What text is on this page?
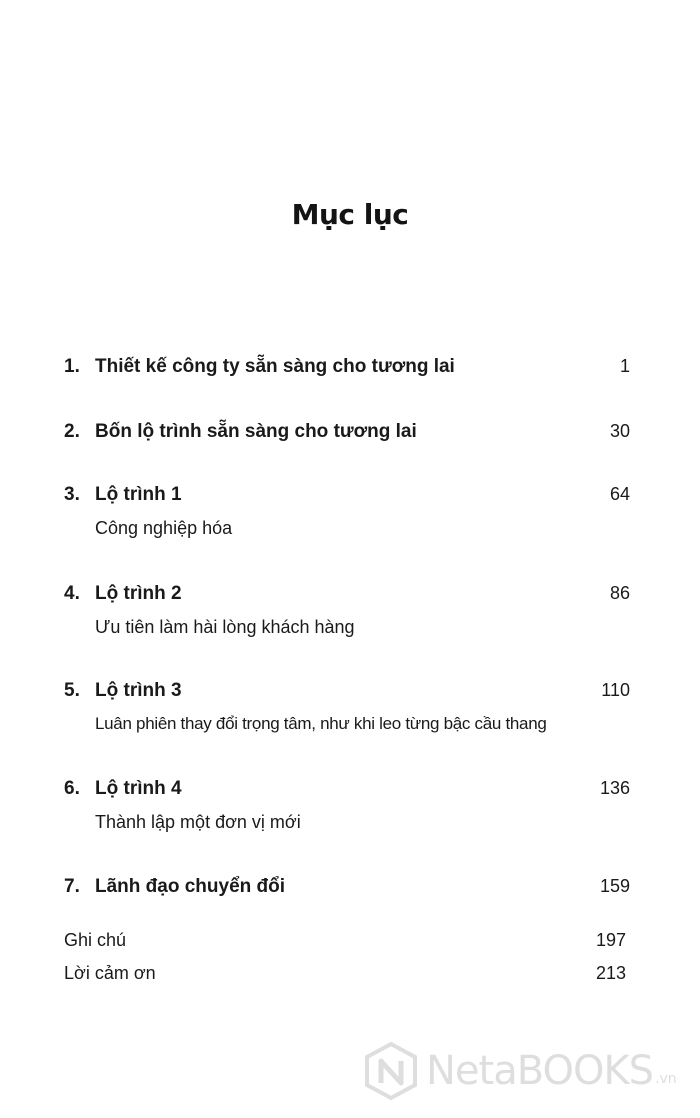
Mục lục
1. Thiết kế công ty sẵn sàng cho tương lai	1
2. Bốn lộ trình sẵn sàng cho tương lai	30
3. Lộ trình 1	64
Công nghiệp hóa
4. Lộ trình 2	86
Ưu tiên làm hài lòng khách hàng
5. Lộ trình 3	110
Luân phiên thay đổi trọng tâm, như khi leo từng bậc cầu thang
6. Lộ trình 4	136
Thành lập một đơn vị mới
7. Lãnh đạo chuyển đổi	159
Ghi chú	197
Lời cảm ơn	213
NetaBOOKS .vn
